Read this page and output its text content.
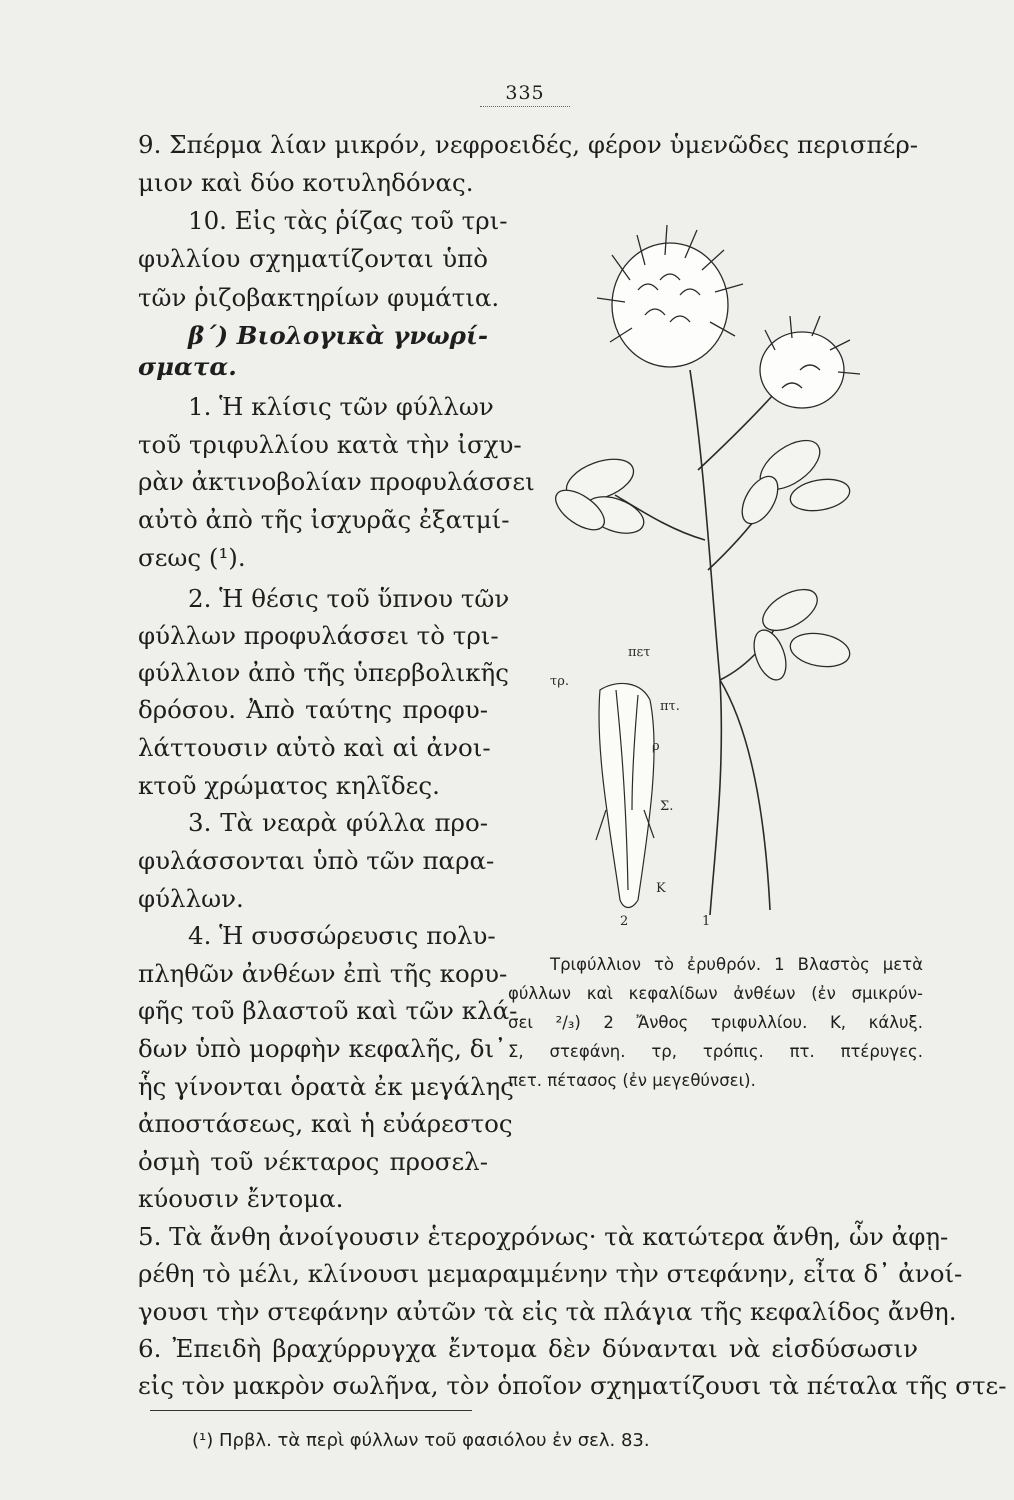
335
9. Σπέρμα λίαν μικρόν, νεφροειδές, φέρον ὑμενῶδες περισπέρ-
μιον καὶ δύο κοτυληδόνας.
10. Εἰς τὰς ῥίζας τοῦ τρι-
φυλλίου σχηματίζονται ὑπὸ
τῶν ῥιζοβακτηρίων φυμάτια.
β΄) Βιολογικὰ γνωρί-
σματα.
1. Ἡ κλίσις τῶν φύλλων
τοῦ τριφυλλίου κατὰ τὴν ἰσχυ-
ρὰν ἀκτινοβολίαν προφυλάσσει
αὐτὸ ἀπὸ τῆς ἰσχυρᾶς ἐξατμί-
σεως (¹).
2. Ἡ θέσις τοῦ ὕπνου τῶν
φύλλων προφυλάσσει τὸ τρι-
φύλλιον ἀπὸ τῆς ὑπερβολικῆς
δρόσου. Ἀπὸ ταύτης προφυ-
λάττουσιν αὐτὸ καὶ αἱ ἀνοι-
κτοῦ χρώματος κηλῖδες.
3. Τὰ νεαρὰ φύλλα προ-
φυλάσσονται ὑπὸ τῶν παρα-
φύλλων.
4. Ἡ συσσώρευσις πολυ-
πληθῶν ἀνθέων ἐπὶ τῆς κορυ-
φῆς τοῦ βλαστοῦ καὶ τῶν κλά-
δων ὑπὸ μορφὴν κεφαλῆς, δι᾽
ἧς γίνονται ὁρατὰ ἐκ μεγάλης
ἀποστάσεως, καὶ ἡ εὐάρεστος
ὀσμὴ τοῦ νέκταρος προσελ-
κύουσιν ἔντομα.
5. Τὰ ἄνθη ἀνοίγουσιν ἑτεροχρόνως· τὰ κατώτερα ἄνθη, ὧν ἀφῃ-
ρέθη τὸ μέλι, κλίνουσι μεμαραμμένην τὴν στεφάνην, εἶτα δ᾽ ἀνοί-
γουσι τὴν στεφάνην αὐτῶν τὰ εἰς τὰ πλάγια τῆς κεφαλίδος ἄνθη.
6. Ἐπειδὴ βραχύρρυγχα ἔντομα δὲν δύνανται νὰ εἰσδύσωσιν
πετ
τρ.
πτ.
ρ
Σ.
Κ
2	1
Τριφύλλιον τὸ ἐρυθρόν. 1 Βλαστὸς μετὰ
φύλλων καὶ κεφαλίδων ἀνθέων (ἐν σμικρύν-
σει ²/₃) 2 Ἄνθος τριφυλλίου. Κ, κάλυξ.
Σ, στεφάνη. τρ, τρόπις. πτ. πτέρυγες.
πετ. πέτασος (ἐν μεγεθύνσει).
εἰς τὸν μακρὸν σωλῆνα, τὸν ὁποῖον σχηματίζουσι τὰ πέταλα τῆς στε-
(¹) Πρβλ. τὰ περὶ φύλλων τοῦ φασιόλου ἐν σελ. 83.
